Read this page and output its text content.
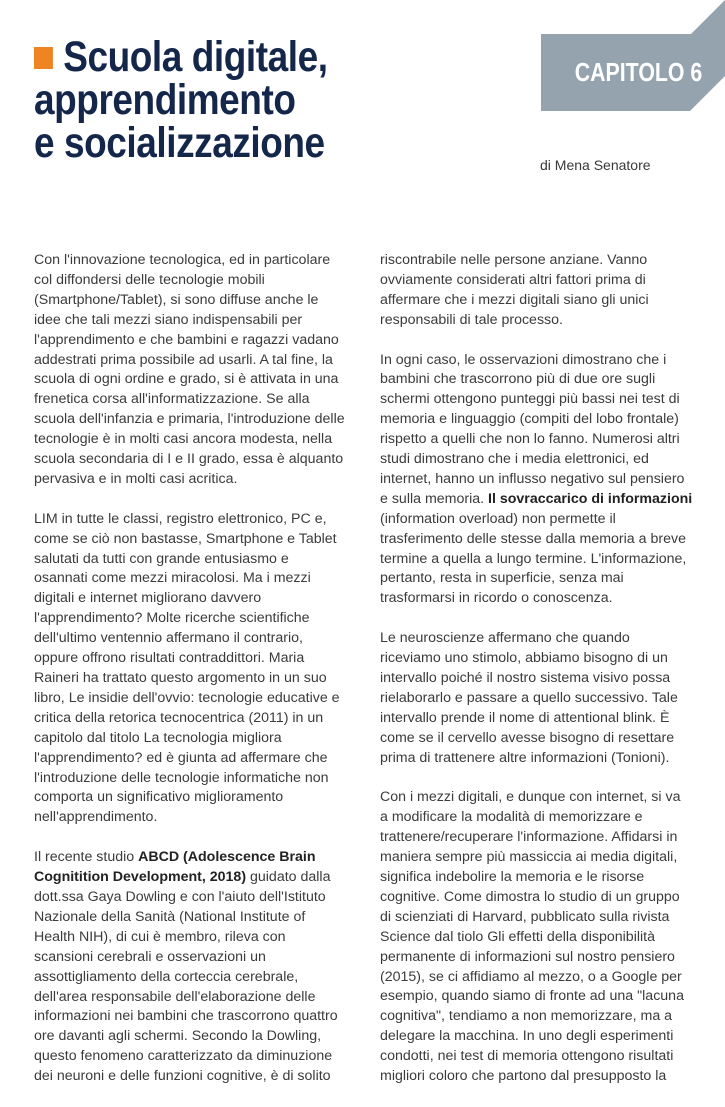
Scuola digitale,
apprendimento
e socializzazione
CAPITOLO 6
di Mena Senatore

Con l'innovazione tecnologica, ed in particolare
col diffondersi delle tecnologie mobili
(Smartphone/Tablet), si sono diffuse anche le
idee che tali mezzi siano indispensabili per
l'apprendimento e che bambini e ragazzi vadano
addestrati prima possibile ad usarli. A tal fine, la
scuola di ogni ordine e grado, si è attivata in una
frenetica corsa all'informatizzazione. Se alla
scuola dell'infanzia e primaria, l'introduzione delle
tecnologie è in molti casi ancora modesta, nella
scuola secondaria di I e II grado, essa è alquanto
pervasiva e in molti casi acritica.

LIM in tutte le classi, registro elettronico, PC e,
come se ciò non bastasse, Smartphone e Tablet
salutati da tutti con grande entusiasmo e
osannati come mezzi miracolosi. Ma i mezzi
digitali e internet migliorano davvero
l'apprendimento? Molte ricerche scientifiche
dell'ultimo ventennio affermano il contrario,
oppure offrono risultati contraddittori. Maria
Raineri ha trattato questo argomento in un suo
libro, Le insidie dell'ovvio: tecnologie educative e
critica della retorica tecnocentrica (2011) in un
capitolo dal titolo La tecnologia migliora
l'apprendimento? ed è giunta ad affermare che
l'introduzione delle tecnologie informatiche non
comporta un significativo miglioramento
nell'apprendimento.

Il recente studio ABCD (Adolescence Brain
Cognitition Development, 2018) guidato dalla
dott.ssa Gaya Dowling e con l'aiuto dell'Istituto
Nazionale della Sanità (National Institute of
Health NIH), di cui è membro, rileva con
scansioni cerebrali e osservazioni un
assottigliamento della corteccia cerebrale,
dell'area responsabile dell'elaborazione delle
informazioni nei bambini che trascorrono quattro
ore davanti agli schermi. Secondo la Dowling,
questo fenomeno caratterizzato da diminuzione
dei neuroni e delle funzioni cognitive, è di solito

riscontrabile nelle persone anziane. Vanno
ovviamente considerati altri fattori prima di
affermare che i mezzi digitali siano gli unici
responsabili di tale processo.

In ogni caso, le osservazioni dimostrano che i
bambini che trascorrono più di due ore sugli
schermi ottengono punteggi più bassi nei test di
memoria e linguaggio (compiti del lobo frontale)
rispetto a quelli che non lo fanno. Numerosi altri
studi dimostrano che i media elettronici, ed
internet, hanno un influsso negativo sul pensiero
e sulla memoria. Il sovraccarico di informazioni
(information overload) non permette il
trasferimento delle stesse dalla memoria a breve
termine a quella a lungo termine. L'informazione,
pertanto, resta in superficie, senza mai
trasformarsi in ricordo o conoscenza.

Le neuroscienze affermano che quando
riceviamo uno stimolo, abbiamo bisogno di un
intervallo poiché il nostro sistema visivo possa
rielaborarlo e passare a quello successivo. Tale
intervallo prende il nome di attentional blink. È
come se il cervello avesse bisogno di resettare
prima di trattenere altre informazioni (Tonioni).

Con i mezzi digitali, e dunque con internet, si va
a modificare la modalità di memorizzare e
trattenere/recuperare l'informazione. Affidarsi in
maniera sempre più massiccia ai media digitali,
significa indebolire la memoria e le risorse
cognitive. Come dimostra lo studio di un gruppo
di scienziati di Harvard, pubblicato sulla rivista
Science dal tiolo Gli effetti della disponibilità
permanente di informazioni sul nostro pensiero
(2015), se ci affidiamo al mezzo, o a Google per
esempio, quando siamo di fronte ad una "lacuna
cognitiva", tendiamo a non memorizzare, ma a
delegare la macchina. In uno degli esperimenti
condotti, nei test di memoria ottengono risultati
migliori coloro che partono dal presupposto la
